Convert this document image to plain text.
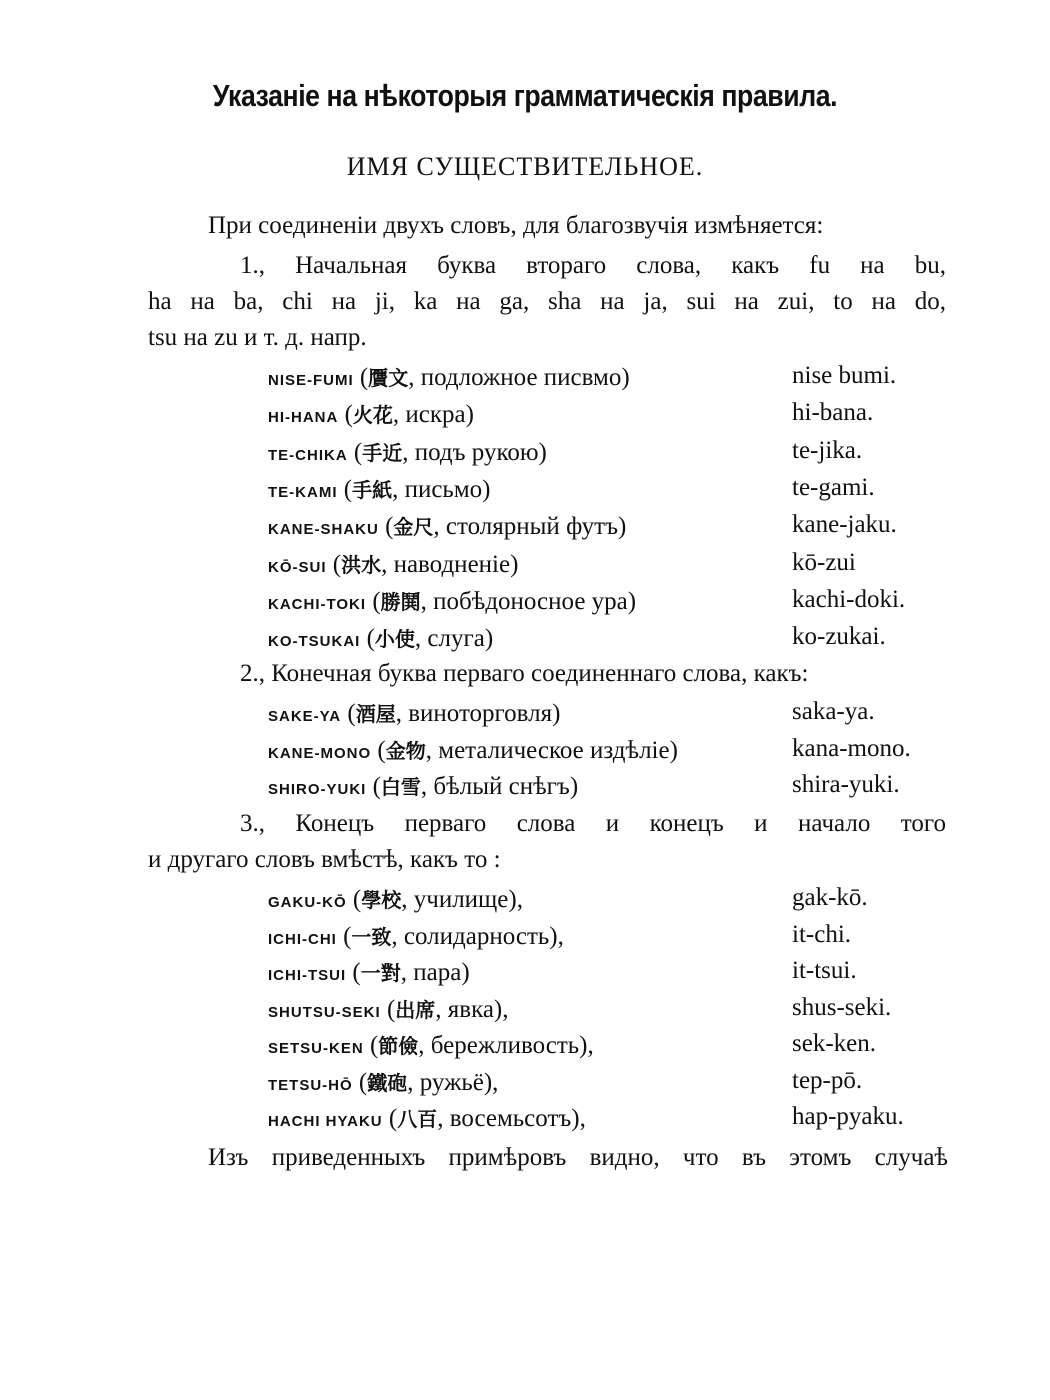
Указаніе на нѣкоторыя грамматическія правила.
ИМЯ СУЩЕСТВИТЕЛЬНОЕ.
При соединеніи двухъ словъ, для благозвучія измѣняется:
1., Начальная буква втораго слова, какъ fu на bu,
ha на ba, chi на ji, ka на ga, sha на ja, sui на zui, to на do,
tsu на zu и т. д. напр.
NISE-FUMI (贋文, подложное писвмо)	nise bumi.
HI-HANA (火花, искра)	hi-bana.
TE-CHIKA (手近, подъ рукою)	te-jika.
TE-KAMI (手紙, письмо)	te-gami.
KANE-SHAKU (金尺, столярный футъ)	kane-jaku.
KŌ-SUI (洪水, наводненіе)	kō-zui
KACHI-TOKI (勝鬨, побѣдоносное ура)	kachi-doki.
KO-TSUKAI (小使, слуга)	ko-zukai.
2., Конечная буква перваго соединеннаго слова, какъ:
SAKE-YA (酒屋, виноторговля)	saka-ya.
KANE-MONO (金物, металическое издѣліе)	kana-mono.
SHIRO-YUKI (白雪, бѣлый снѣгъ)	shira-yuki.
3., Конецъ перваго слова и конецъ и начало того
и другаго словъ вмѣстѣ, какъ то :
GAKU-KŌ (學校, училище),	gak-kō.
ICHI-CHI (一致, солидарность),	it-chi.
ICHI-TSUI (一對, пара)	it-tsui.
SHUTSU-SEKI (出席, явка),	shus-seki.
SETSU-KEN (節儉, бережливость),	sek-ken.
TETSU-HŌ (鐵砲, ружьё),	tep-pō.
HACHI HYAKU (八百, восемьсотъ),	hap-pyaku.
Изъ приведенныхъ примѣровъ видно, что въ этомъ случаѣ
